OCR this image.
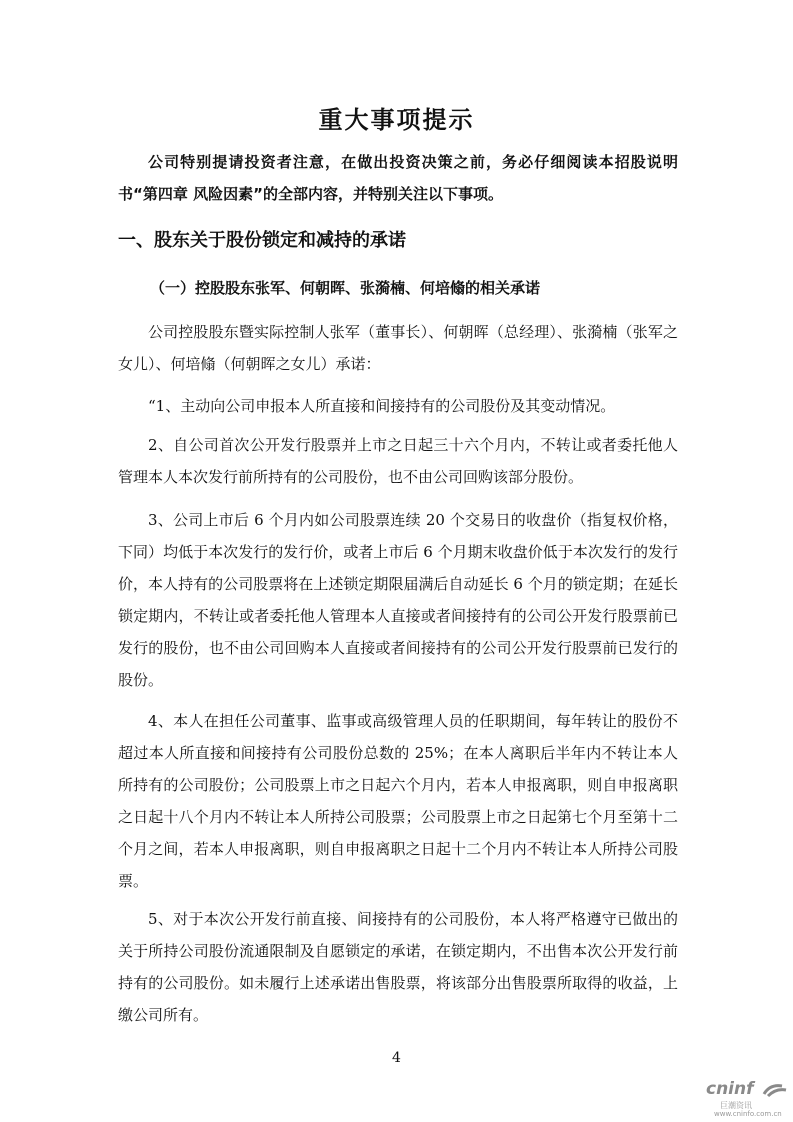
重大事项提示

公司特别提请投资者注意，在做出投资决策之前，务必仔细阅读本招股说明书“第四章 风险因素”的全部内容，并特别关注以下事项。

一、股东关于股份锁定和减持的承诺
（一）控股股东张军、何朝晖、张漪楠、何培翛的相关承诺

公司控股股东暨实际控制人张军（董事长）、何朝晖（总经理）、张漪楠（张军之女儿）、何培翛（何朝晖之女儿）承诺：

“1、主动向公司申报本人所直接和间接持有的公司股份及其变动情况。

2、自公司首次公开发行股票并上市之日起三十六个月内，不转让或者委托他人管理本人本次发行前所持有的公司股份，也不由公司回购该部分股份。

3、公司上市后 6 个月内如公司股票连续 20 个交易日的收盘价（指复权价格，下同）均低于本次发行的发行价，或者上市后 6 个月期末收盘价低于本次发行的发行价，本人持有的公司股票将在上述锁定期限届满后自动延长 6 个月的锁定期；在延长锁定期内，不转让或者委托他人管理本人直接或者间接持有的公司公开发行股票前已发行的股份，也不由公司回购本人直接或者间接持有的公司公开发行股票前已发行的股份。

4、本人在担任公司董事、监事或高级管理人员的任职期间，每年转让的股份不超过本人所直接和间接持有公司股份总数的 25%；在本人离职后半年内不转让本人所持有的公司股份；公司股票上市之日起六个月内，若本人申报离职，则自申报离职之日起十八个月内不转让本人所持公司股票；公司股票上市之日起第七个月至第十二个月之间，若本人申报离职，则自申报离职之日起十二个月内不转让本人所持公司股票。

5、对于本次公开发行前直接、间接持有的公司股份，本人将严格遵守已做出的关于所持公司股份流通限制及自愿锁定的承诺，在锁定期内，不出售本次公开发行前持有的公司股份。如未履行上述承诺出售股票，将该部分出售股票所取得的收益，上缴公司所有。

4
cninf
巨潮资讯
www.cninfo.com.cn
